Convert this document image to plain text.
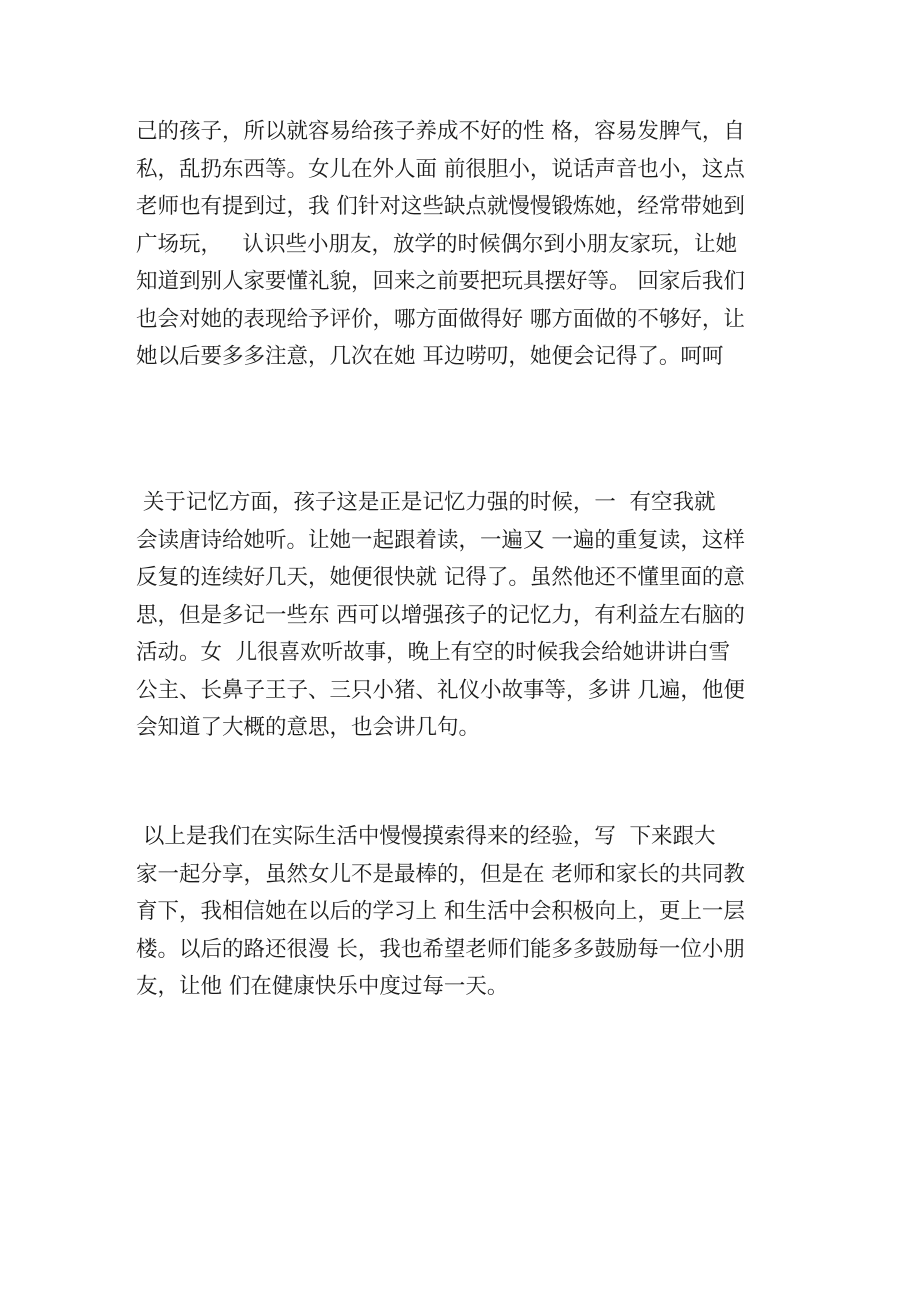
己的孩子，所以就容易给孩子养成不好的性 格，容易发脾气，自
私，乱扔东西等。女儿在外人面 前很胆小，说话声音也小，这点
老师也有提到过，我 们针对这些缺点就慢慢锻炼她，经常带她到
广场玩，   认识些小朋友，放学的时候偶尔到小朋友家玩，让她
知道到别人家要懂礼貌，回来之前要把玩具摆好等。 回家后我们
也会对她的表现给予评价，哪方面做得好 哪方面做的不够好，让
她以后要多多注意，几次在她 耳边唠叨，她便会记得了。呵呵
关于记忆方面，孩子这是正是记忆力强的时候，一  有空我就
会读唐诗给她听。让她一起跟着读，一遍又 一遍的重复读，这样
反复的连续好几天，她便很快就 记得了。虽然他还不懂里面的意
思，但是多记一些东 西可以增强孩子的记忆力，有利益左右脑的
活动。女  儿很喜欢听故事，晚上有空的时候我会给她讲讲白雪
公主、长鼻子王子、三只小猪、礼仪小故事等，多讲 几遍，他便
会知道了大概的意思，也会讲几句。
以上是我们在实际生活中慢慢摸索得来的经验，写  下来跟大
家一起分享，虽然女儿不是最棒的，但是在 老师和家长的共同教
育下，我相信她在以后的学习上 和生活中会积极向上，更上一层
楼。以后的路还很漫 长，我也希望老师们能多多鼓励每一位小朋
友，让他 们在健康快乐中度过每一天。
